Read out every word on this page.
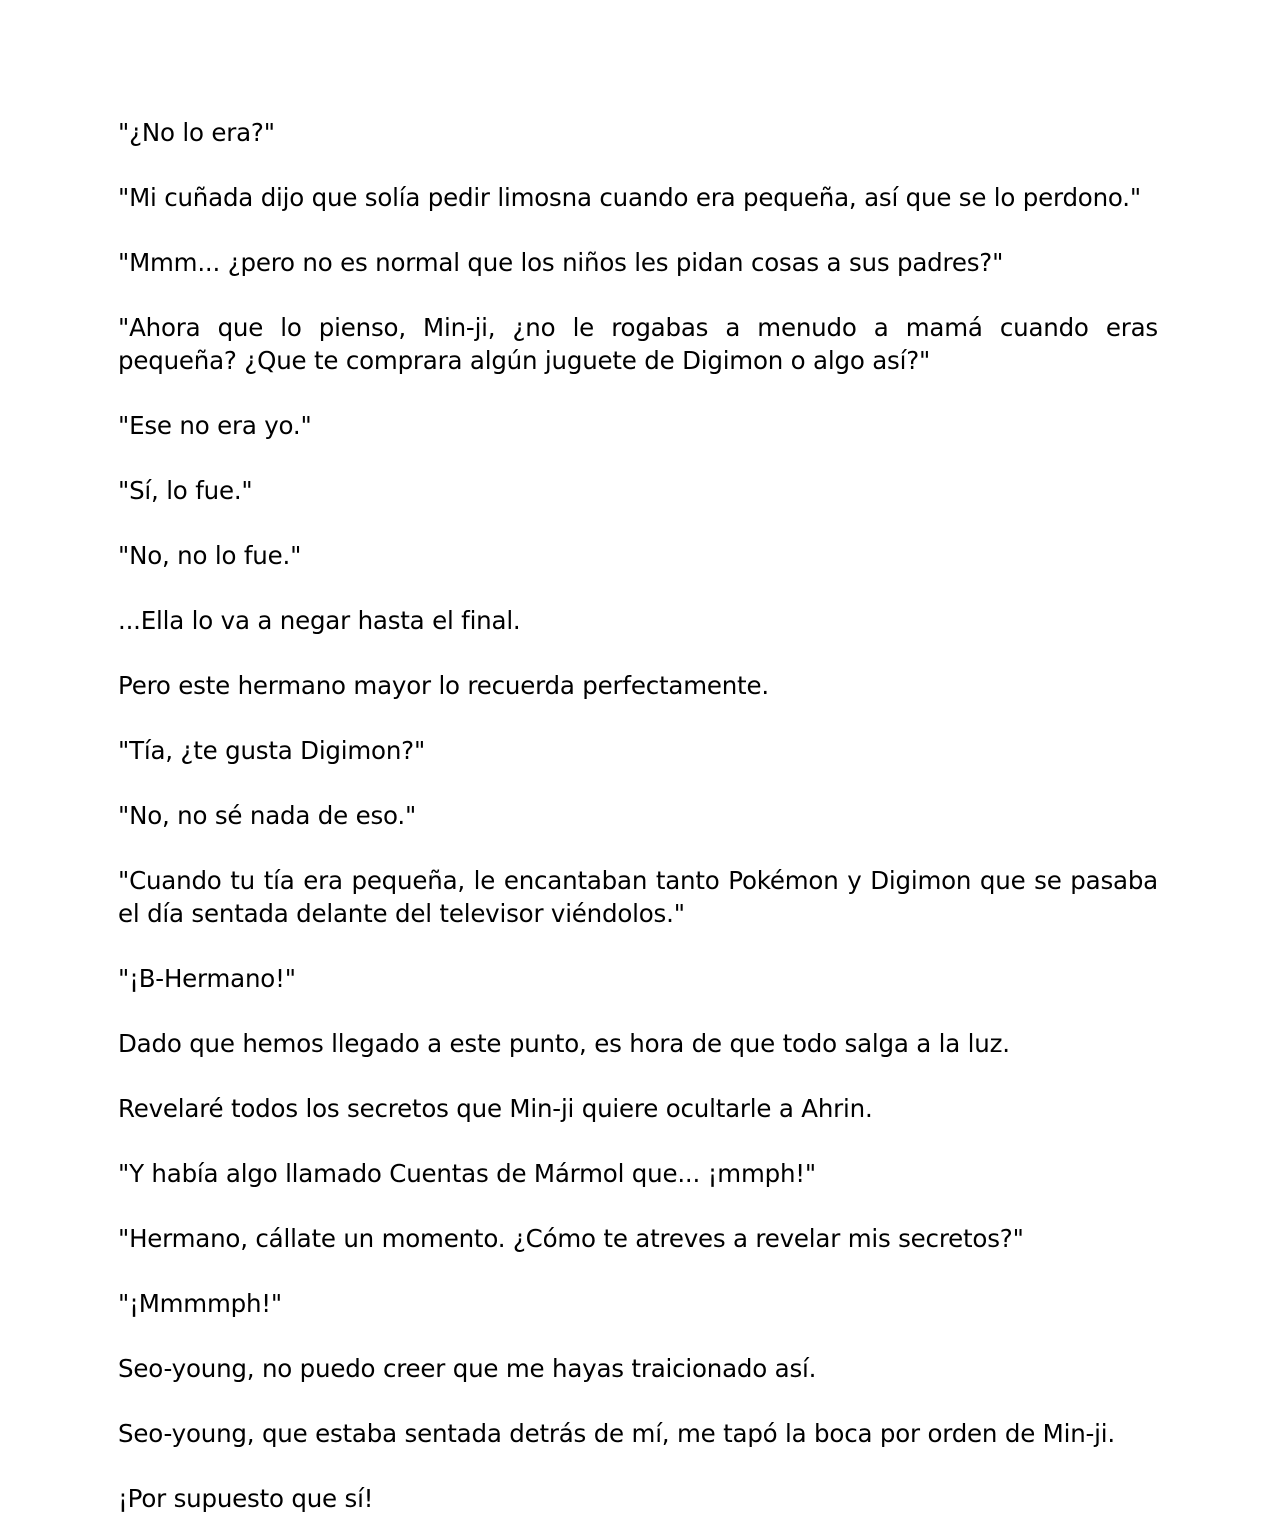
"¿No lo era?"

"Mi cuñada dijo que solía pedir limosna cuando era pequeña, así que se lo perdono."

"Mmm... ¿pero no es normal que los niños les pidan cosas a sus padres?"

"Ahora que lo pienso, Min-ji, ¿no le rogabas a menudo a mamá cuando eras pequeña? ¿Que te comprara algún juguete de Digimon o algo así?"

"Ese no era yo."

"Sí, lo fue."

"No, no lo fue."

...Ella lo va a negar hasta el final.

Pero este hermano mayor lo recuerda perfectamente.

"Tía, ¿te gusta Digimon?"

"No, no sé nada de eso."

"Cuando tu tía era pequeña, le encantaban tanto Pokémon y Digimon que se pasaba el día sentada delante del televisor viéndolos."

"¡B-Hermano!"

Dado que hemos llegado a este punto, es hora de que todo salga a la luz.

Revelaré todos los secretos que Min-ji quiere ocultarle a Ahrin.

"Y había algo llamado Cuentas de Mármol que... ¡mmph!"

"Hermano, cállate un momento. ¿Cómo te atreves a revelar mis secretos?"

"¡Mmmmph!"

Seo-young, no puedo creer que me hayas traicionado así.

Seo-young, que estaba sentada detrás de mí, me tapó la boca por orden de Min-ji.

¡Por supuesto que sí!
